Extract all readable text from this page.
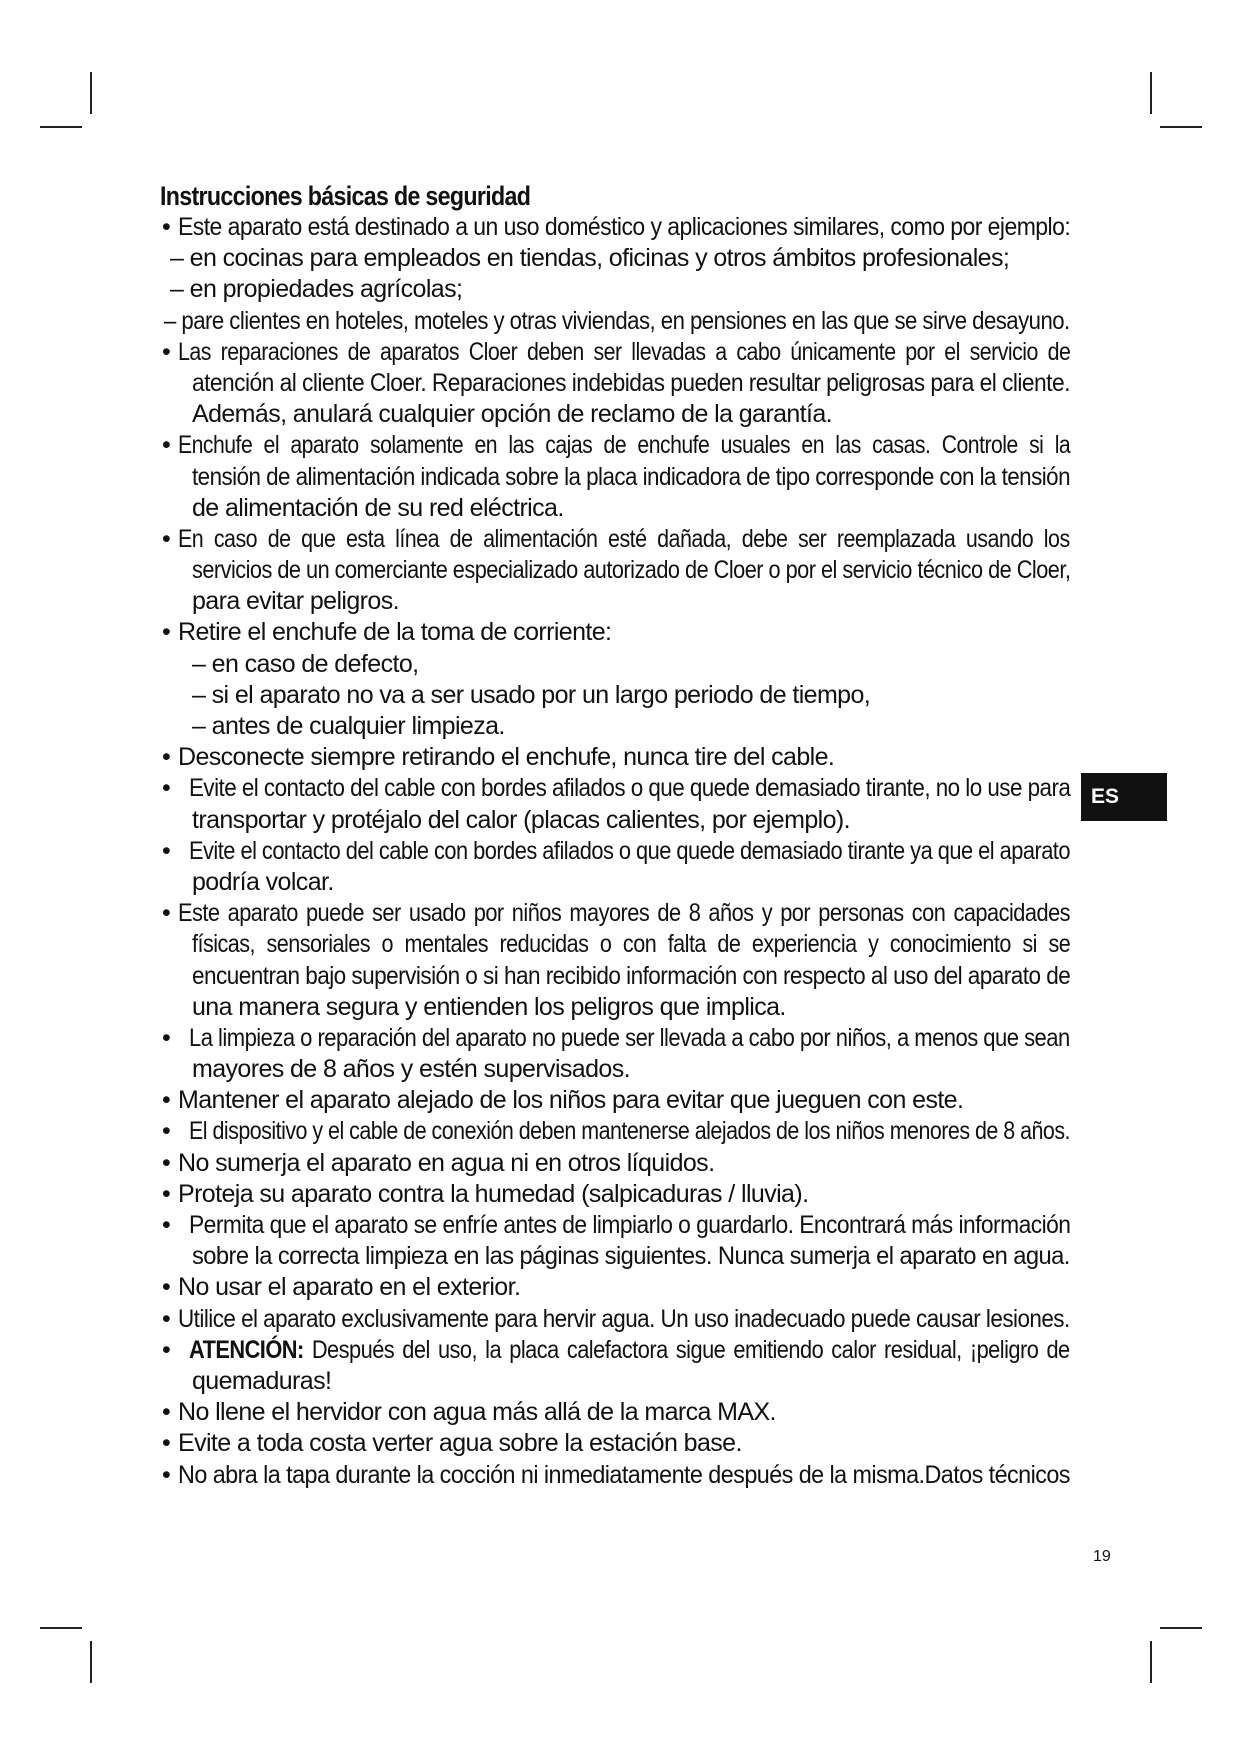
Instrucciones básicas de seguridad
• Este aparato está destinado a un uso doméstico y aplicaciones similares, como por ejemplo:
– en cocinas para empleados en tiendas, oficinas y otros ámbitos profesionales;
– en propiedades agrícolas;
– pare clientes en hoteles, moteles y otras viviendas, en pensiones en las que se sirve desayuno.
• Las reparaciones de aparatos Cloer deben ser llevadas a cabo únicamente por el servicio de
atención al cliente Cloer. Reparaciones indebidas pueden resultar peligrosas para el cliente.
Además, anulará cualquier opción de reclamo de la garantía.
• Enchufe el aparato solamente en las cajas de enchufe usuales en las casas. Controle si la
tensión de alimentación indicada sobre la placa indicadora de tipo corresponde con la tensión
de alimentación de su red eléctrica.
• En caso de que esta línea de alimentación esté dañada, debe ser reemplazada usando los
servicios de un comerciante especializado autorizado de Cloer o por el servicio técnico de Cloer,
para evitar peligros.
• Retire el enchufe de la toma de corriente:
– en caso de defecto,
– si el aparato no va a ser usado por un largo periodo de tiempo,
– antes de cualquier limpieza.
• Desconecte siempre retirando el enchufe, nunca tire del cable.
• Evite el contacto del cable con bordes afilados o que quede demasiado tirante, no lo use para
transportar y protéjalo del calor (placas calientes, por ejemplo).
• Evite el contacto del cable con bordes afilados o que quede demasiado tirante ya que el aparato
podría volcar.
• Este aparato puede ser usado por niños mayores de 8 años y por personas con capacidades
físicas, sensoriales o mentales reducidas o con falta de experiencia y conocimiento si se
encuentran bajo supervisión o si han recibido información con respecto al uso del aparato de
una manera segura y entienden los peligros que implica.
• La limpieza o reparación del aparato no puede ser llevada a cabo por niños, a menos que sean
mayores de 8 años y estén supervisados.
• Mantener el aparato alejado de los niños para evitar que jueguen con este.
• El dispositivo y el cable de conexión deben mantenerse alejados de los niños menores de 8 años.
• No sumerja el aparato en agua ni en otros líquidos.
• Proteja su aparato contra la humedad (salpicaduras / lluvia).
• Permita que el aparato se enfríe antes de limpiarlo o guardarlo. Encontrará más información
sobre la correcta limpieza en las páginas siguientes. Nunca sumerja el aparato en agua.
• No usar el aparato en el exterior.
• Utilice el aparato exclusivamente para hervir agua. Un uso inadecuado puede causar lesiones.
• ATENCIÓN: Después del uso, la placa calefactora sigue emitiendo calor residual, ¡peligro de
quemaduras!
• No llene el hervidor con agua más allá de la marca MAX.
• Evite a toda costa verter agua sobre la estación base.
• No abra la tapa durante la cocción ni inmediatamente después de la misma.Datos técnicos
ES
19
